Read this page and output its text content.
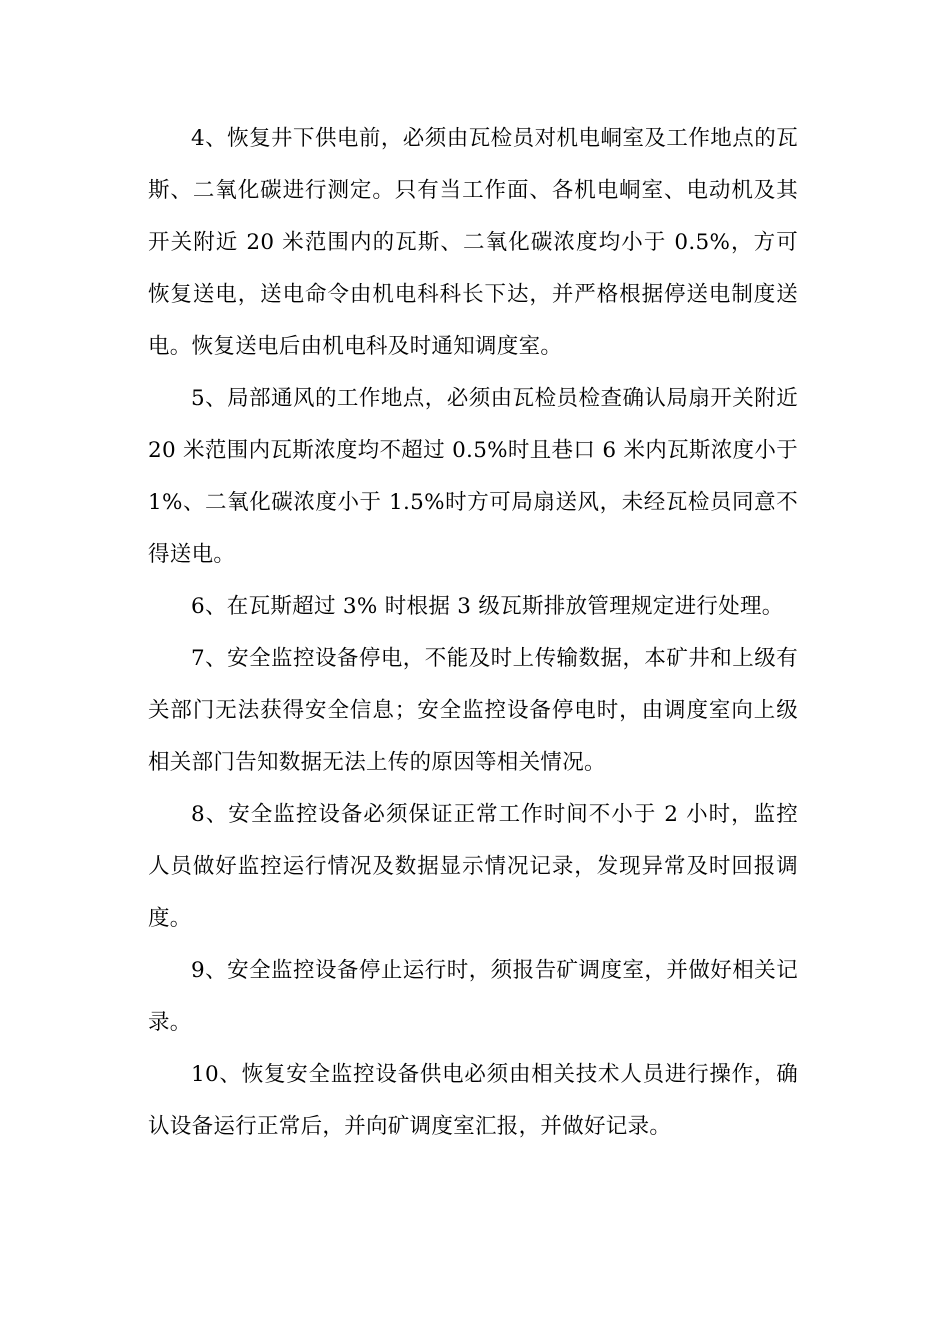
4、恢复井下供电前，必须由瓦检员对机电峒室及工作地点的瓦斯、二氧化碳进行测定。只有当工作面、各机电峒室、电动机及其开关附近 20 米范围内的瓦斯、二氧化碳浓度均小于 0.5%，方可恢复送电，送电命令由机电科科长下达，并严格根据停送电制度送电。恢复送电后由机电科及时通知调度室。

5、局部通风的工作地点，必须由瓦检员检查确认局扇开关附近 20 米范围内瓦斯浓度均不超过 0.5%时且巷口 6 米内瓦斯浓度小于 1%、二氧化碳浓度小于 1.5%时方可局扇送风，未经瓦检员同意不得送电。

6、在瓦斯超过 3% 时根据 3 级瓦斯排放管理规定进行处理。

7、安全监控设备停电，不能及时上传输数据，本矿井和上级有关部门无法获得安全信息；安全监控设备停电时，由调度室向上级相关部门告知数据无法上传的原因等相关情况。

8、安全监控设备必须保证正常工作时间不小于 2 小时，监控人员做好监控运行情况及数据显示情况记录，发现异常及时回报调度。

9、安全监控设备停止运行时，须报告矿调度室，并做好相关记录。

10、恢复安全监控设备供电必须由相关技术人员进行操作，确认设备运行正常后，并向矿调度室汇报，并做好记录。
